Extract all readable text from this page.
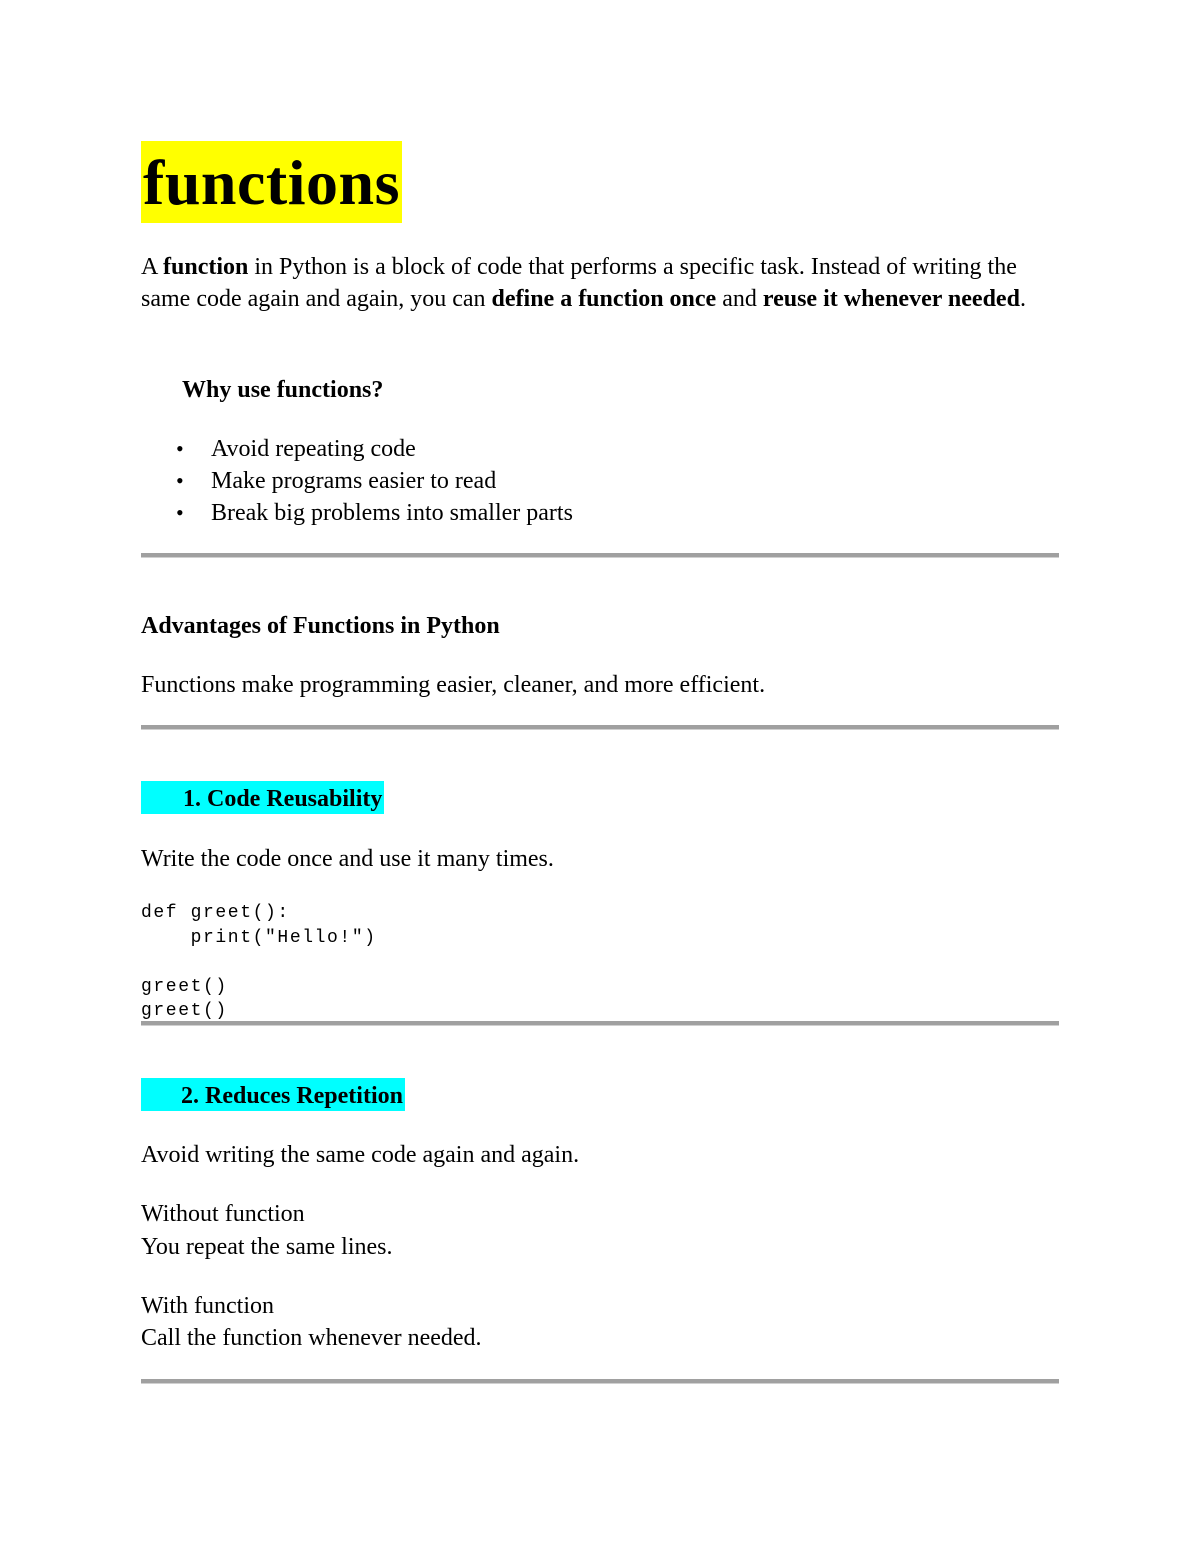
functions

A function in Python is a block of code that performs a specific task. Instead of writing the same code again and again, you can define a function once and reuse it whenever needed.

Why use functions?
• Avoid repeating code
• Make programs easier to read
• Break big problems into smaller parts
Advantages of Functions in Python

Functions make programming easier, cleaner, and more efficient.

1. Code Reusability

Write the code once and use it many times.

def greet():
print("Hello!")

greet()
greet()
2. Reduces Repetition

Avoid writing the same code again and again.

Without function

You repeat the same lines.

With function

Call the function whenever needed.
